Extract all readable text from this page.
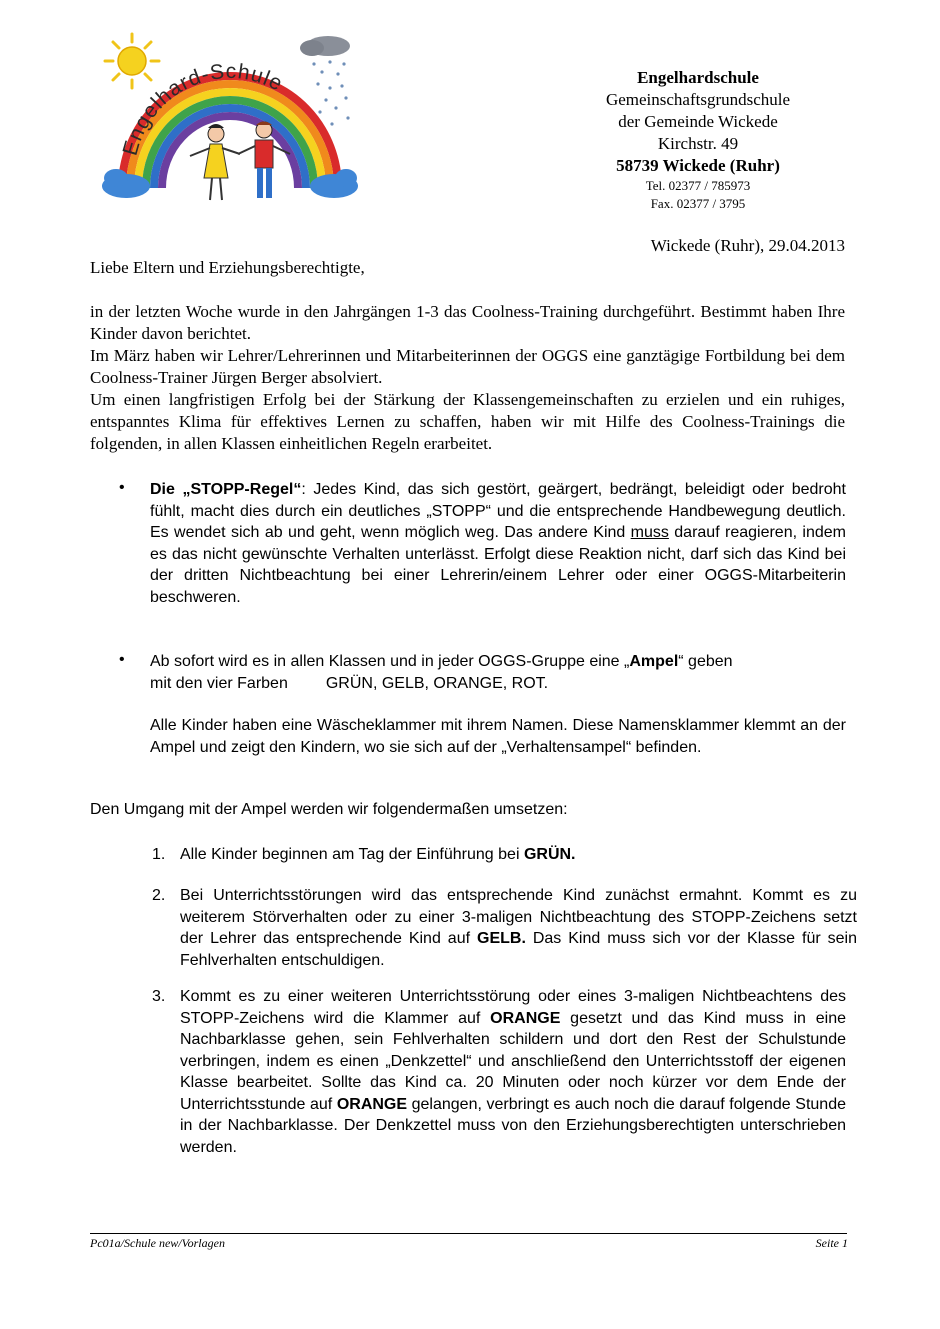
Engelhard-Schule	Engelhardschule
Gemeinschaftsgrundschule
der Gemeinde Wickede
Kirchstr. 49
58739 Wickede (Ruhr)
Tel. 02377 / 785973
Fax. 02377 / 3795
Wickede (Ruhr), 29.04.2013
Liebe Eltern und Erziehungsberechtigte,

in der letzten Woche wurde in den Jahrgängen 1-3 das Coolness-Training durchgeführt. Bestimmt haben Ihre Kinder davon berichtet.

Im März haben wir Lehrer/Lehrerinnen und Mitarbeiterinnen der OGGS eine ganztägige Fortbildung bei dem Coolness-Trainer Jürgen Berger absolviert.

Um einen langfristigen Erfolg bei der Stärkung der Klassengemeinschaften zu erzielen und ein ruhiges, entspanntes Klima für effektives Lernen zu schaffen, haben wir mit Hilfe des Coolness-Trainings die folgenden, in allen Klassen einheitlichen Regeln erarbeitet.

• Die „STOPP-Regel“: Jedes Kind, das sich gestört, geärgert, bedrängt, beleidigt oder bedroht fühlt, macht dies durch ein deutliches „STOPP“ und die entsprechende Handbewegung deutlich. Es wendet sich ab und geht, wenn möglich weg. Das andere Kind muss darauf reagieren, indem es das nicht gewünschte Verhalten unterlässt. Erfolgt diese Reaktion nicht, darf sich das Kind bei der dritten Nichtbeachtung bei einer Lehrerin/einem Lehrer oder einer OGGS-Mitarbeiterin beschweren.

• Ab sofort wird es in allen Klassen und in jeder OGGS-Gruppe eine „Ampel“ geben

mit den vier Farben GRÜN, GELB, ORANGE, ROT.

Alle Kinder haben eine Wäscheklammer mit ihrem Namen. Diese Namensklammer klemmt an der Ampel und zeigt den Kindern, wo sie sich auf der „Verhaltensampel“ befinden.

Den Umgang mit der Ampel werden wir folgendermaßen umsetzen:
1. Alle Kinder beginnen am Tag der Einführung bei GRÜN.

2. Bei Unterrichtsstörungen wird das entsprechende Kind zunächst ermahnt. Kommt es zu weiterem Störverhalten oder zu einer 3-maligen Nichtbeachtung des STOPP-Zeichens setzt der Lehrer das entsprechende Kind auf GELB. Das Kind muss sich vor der Klasse für sein Fehlverhalten entschuldigen.

3. Kommt es zu einer weiteren Unterrichtsstörung oder eines 3-maligen Nichtbeachtens des STOPP-Zeichens wird die Klammer auf ORANGE gesetzt und das Kind muss in eine Nachbarklasse gehen, sein Fehlverhalten schildern und dort den Rest der Schulstunde verbringen, indem es einen „Denkzettel“ und anschließend den Unterrichtsstoff der eigenen Klasse bearbeitet. Sollte das Kind ca. 20 Minuten oder noch kürzer vor dem Ende der Unterrichtsstunde auf ORANGE gelangen, verbringt es auch noch die darauf folgende Stunde in der Nachbarklasse. Der Denkzettel muss von den Erziehungsberechtigten unterschrieben werden.

Pc01a/Schule new/Vorlagen	Seite 1
